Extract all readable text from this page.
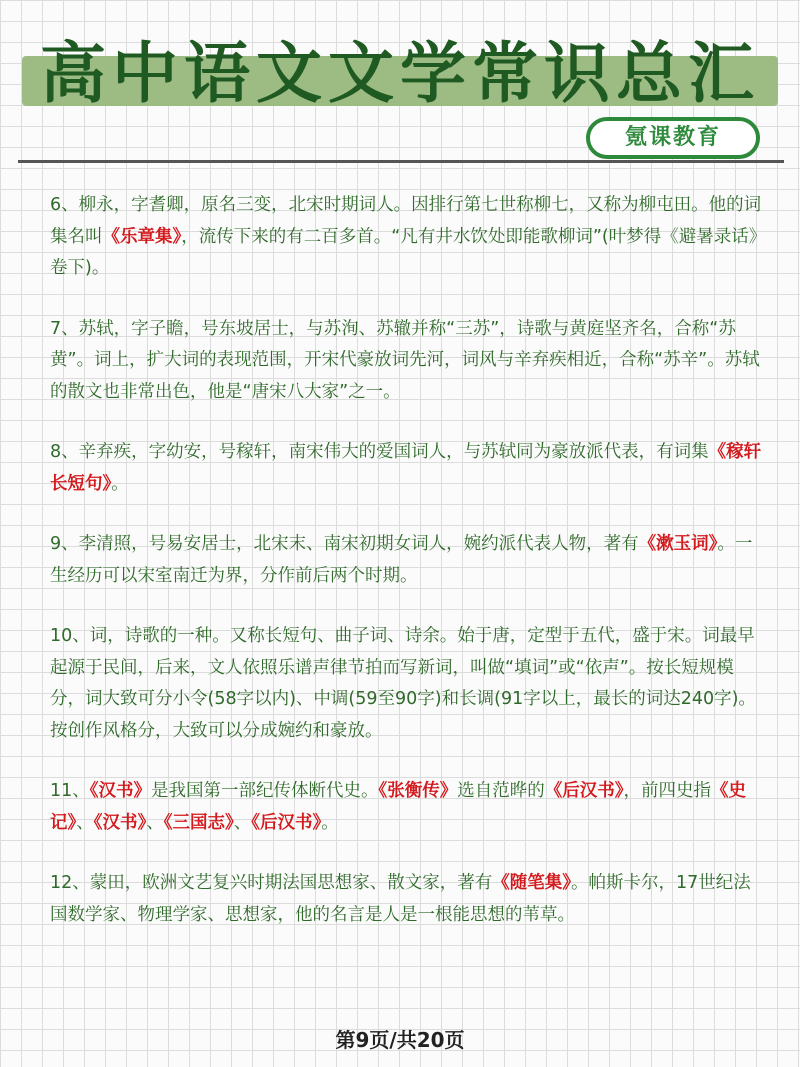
高中语文文学常识总汇
氪课教育

6、柳永，字耆卿，原名三变，北宋时期词人。因排行第七世称柳七，又称为柳屯田。他的词集名叫《乐章集》，流传下来的有二百多首。“凡有井水饮处即能歌柳词”(叶梦得《避暑录话》卷下)。

7、苏轼，字子瞻，号东坡居士，与苏洵、苏辙并称“三苏”，诗歌与黄庭坚齐名，合称“苏黄”。词上，扩大词的表现范围，开宋代豪放词先河，词风与辛弃疾相近，合称“苏辛”。苏轼的散文也非常出色，他是“唐宋八大家”之一。

8、辛弃疾，字幼安，号稼轩，南宋伟大的爱国词人，与苏轼同为豪放派代表，有词集《稼轩长短句》。

9、李清照，号易安居士，北宋末、南宋初期女词人，婉约派代表人物，著有《漱玉词》。一生经历可以宋室南迁为界，分作前后两个时期。

10、词，诗歌的一种。又称长短句、曲子词、诗余。始于唐，定型于五代，盛于宋。词最早起源于民间，后来，文人依照乐谱声律节拍而写新词，叫做“填词”或“依声”。按长短规模分，词大致可分小令(58字以内)、中调(59至90字)和长调(91字以上，最长的词达240字)。按创作风格分，大致可以分成婉约和豪放。

11、《汉书》是我国第一部纪传体断代史。《张衡传》选自范晔的《后汉书》，前四史指《史记》、《汉书》、《三国志》、《后汉书》。

12、蒙田，欧洲文艺复兴时期法国思想家、散文家，著有《随笔集》。帕斯卡尔，17世纪法国数学家、物理学家、思想家，他的名言是人是一根能思想的苇草。

第9页/共20页
